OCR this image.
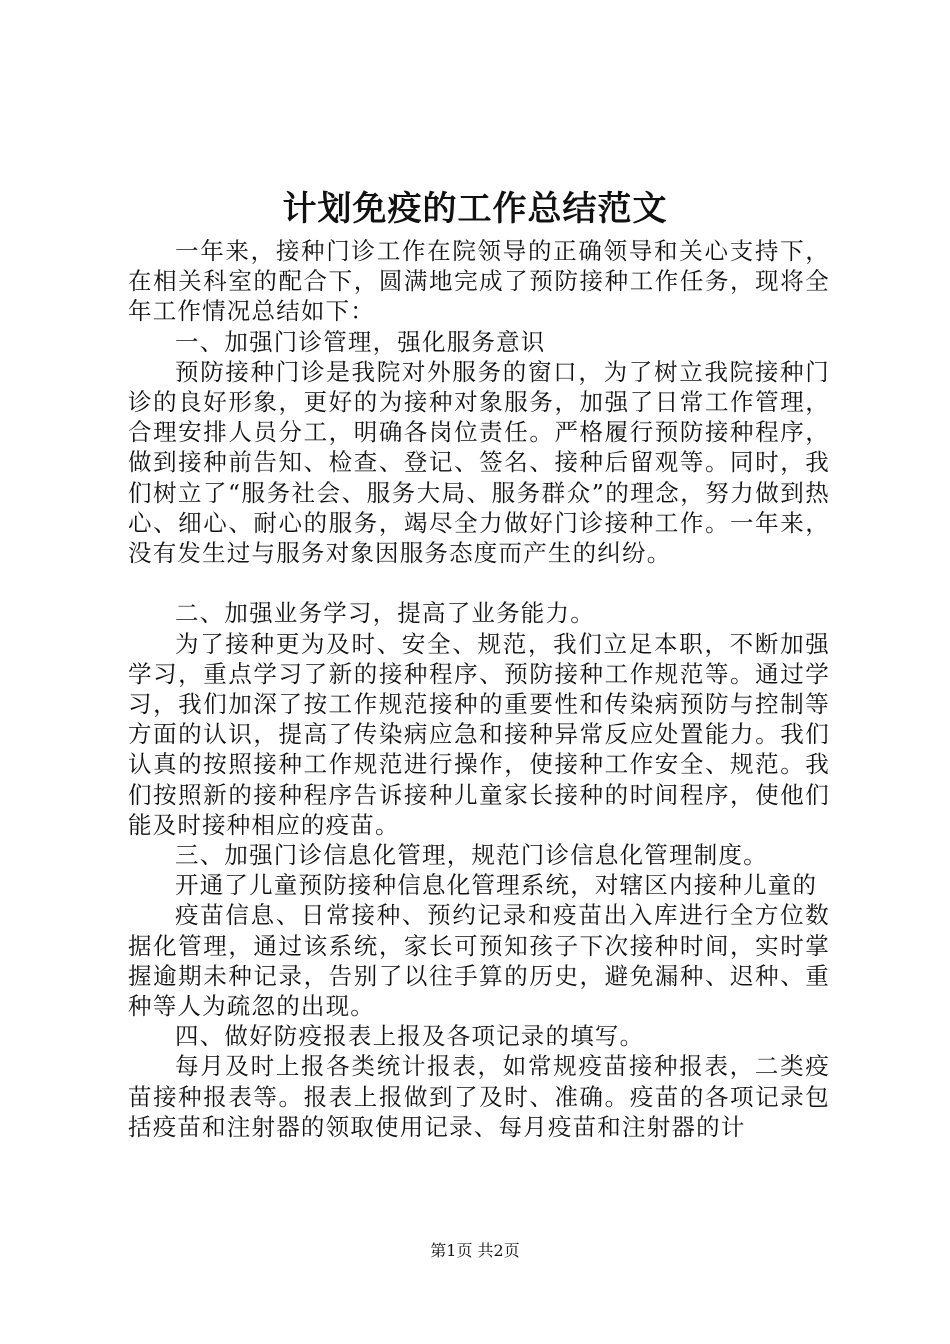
计划免疫的工作总结范文

一年来，接种门诊工作在院领导的正确领导和关心支持下，在相关科室的配合下，圆满地完成了预防接种工作任务，现将全年工作情况总结如下：

一、加强门诊管理，强化服务意识

预防接种门诊是我院对外服务的窗口，为了树立我院接种门诊的良好形象，更好的为接种对象服务，加强了日常工作管理，合理安排人员分工，明确各岗位责任。严格履行预防接种程序，做到接种前告知、检查、登记、签名、接种后留观等。同时，我们树立了“服务社会、服务大局、服务群众”的理念，努力做到热心、细心、耐心的服务，竭尽全力做好门诊接种工作。一年来，没有发生过与服务对象因服务态度而产生的纠纷。

二、加强业务学习，提高了业务能力。

为了接种更为及时、安全、规范，我们立足本职，不断加强学习，重点学习了新的接种程序、预防接种工作规范等。通过学习，我们加深了按工作规范接种的重要性和传染病预防与控制等方面的认识，提高了传染病应急和接种异常反应处置能力。我们认真的按照接种工作规范进行操作，使接种工作安全、规范。我们按照新的接种程序告诉接种儿童家长接种的时间程序，使他们能及时接种相应的疫苗。

三、加强门诊信息化管理，规范门诊信息化管理制度。

开通了儿童预防接种信息化管理系统，对辖区内接种儿童的

疫苗信息、日常接种、预约记录和疫苗出入库进行全方位数据化管理，通过该系统，家长可预知孩子下次接种时间，实时掌握逾期未种记录，告别了以往手算的历史，避免漏种、迟种、重种等人为疏忽的出现。

四、做好防疫报表上报及各项记录的填写。

每月及时上报各类统计报表，如常规疫苗接种报表，二类疫苗接种报表等。报表上报做到了及时、准确。疫苗的各项记录包括疫苗和注射器的领取使用记录、每月疫苗和注射器的计

第1页 共2页
